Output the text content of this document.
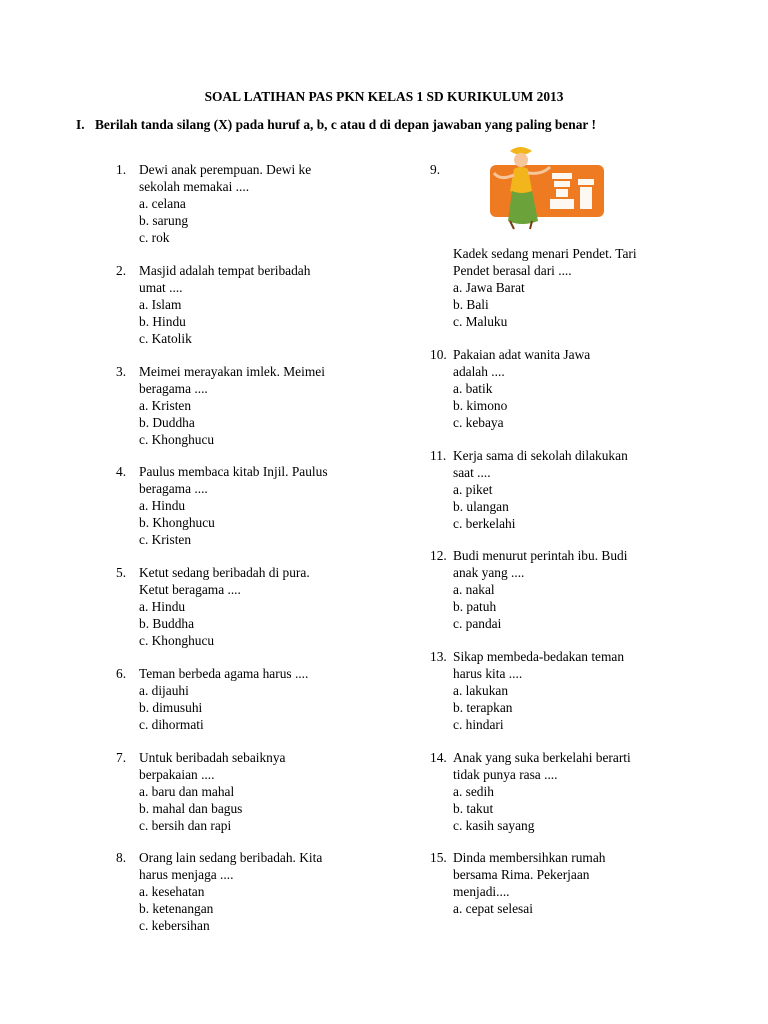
SOAL LATIHAN PAS PKN KELAS 1 SD KURIKULUM 2013
I. Berilah tanda silang (X) pada huruf a, b, c atau d di depan jawaban yang paling benar !
1. Dewi anak perempuan. Dewi ke
sekolah memakai ....
a. celana
b. sarung
c. rok
2. Masjid adalah tempat beribadah
umat ....
a. Islam
b. Hindu
c. Katolik
3. Meimei merayakan imlek. Meimei
beragama ....
a. Kristen
b. Duddha
c. Khonghucu
4. Paulus membaca kitab Injil. Paulus
beragama ....
a. Hindu
b. Khonghucu
c. Kristen
5. Ketut sedang beribadah di pura.
Ketut beragama ....
a. Hindu
b. Buddha
c. Khonghucu
6. Teman berbeda agama harus ....
a. dijauhi
b. dimusuhi
c. dihormati
7. Untuk beribadah sebaiknya
berpakaian ....
a. baru dan mahal
b. mahal dan bagus
c. bersih dan rapi
8. Orang lain sedang beribadah. Kita
harus menjaga ....
a. kesehatan
b. ketenangan
c. kebersihan
9.
Kadek sedang menari Pendet. Tari
Pendet berasal dari ....
a. Jawa Barat
b. Bali
c. Maluku
10. Pakaian adat wanita Jawa
adalah ....
a. batik
b. kimono
c. kebaya
11. Kerja sama di sekolah dilakukan
saat ....
a. piket
b. ulangan
c. berkelahi
12. Budi menurut perintah ibu. Budi
anak yang ....
a. nakal
b. patuh
c. pandai
13. Sikap membeda-bedakan teman
harus kita ....
a. lakukan
b. terapkan
c. hindari
14. Anak yang suka berkelahi berarti
tidak punya rasa ....
a. sedih
b. takut
c. kasih sayang
15. Dinda membersihkan rumah
bersama Rima. Pekerjaan
menjadi....
a. cepat selesai
